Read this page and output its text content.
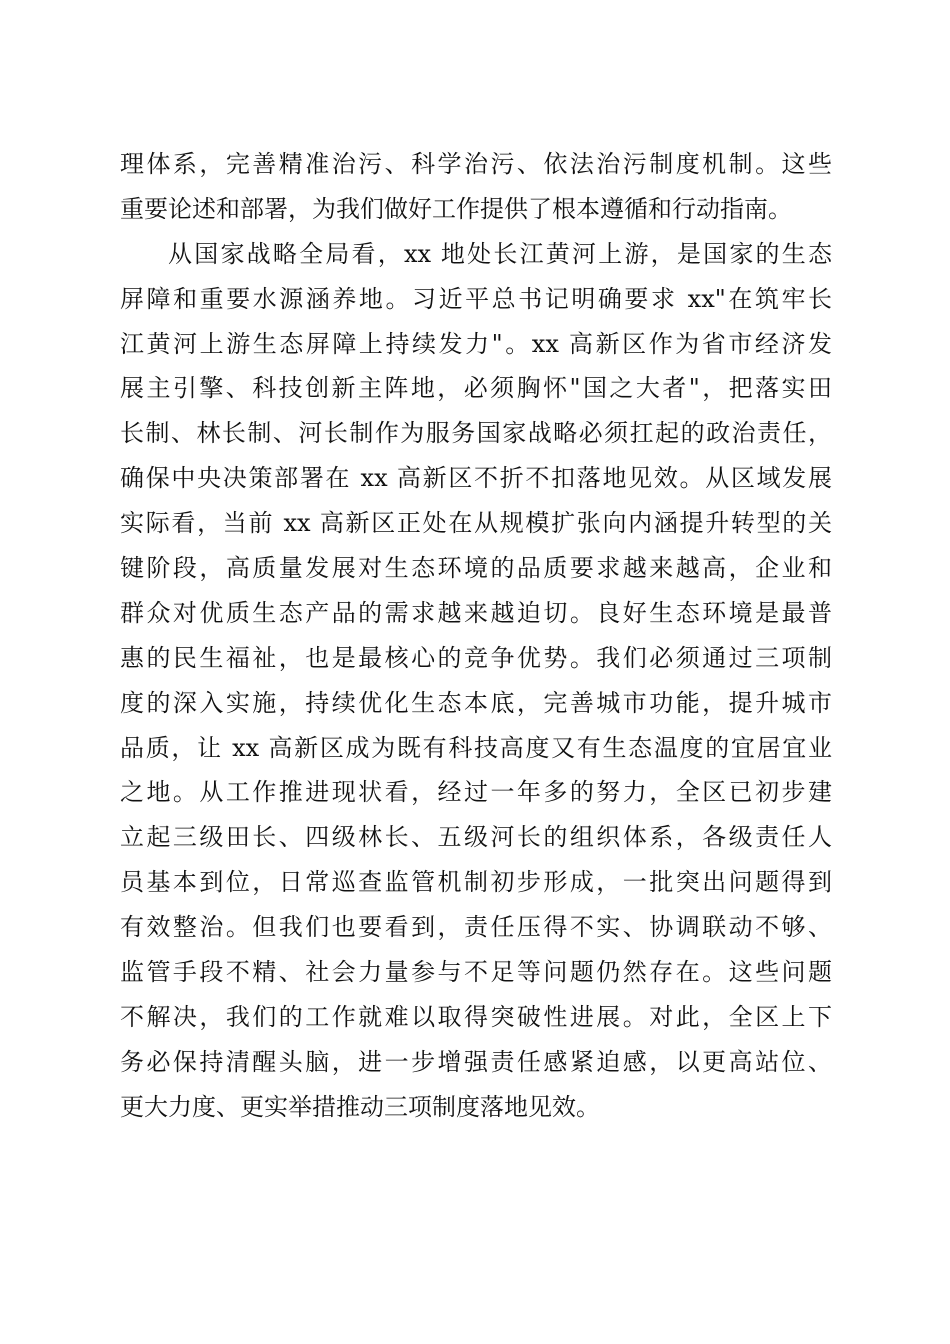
理体系，完善精准治污、科学治污、依法治污制度机制。这些
重要论述和部署，为我们做好工作提供了根本遵循和行动指南。
从国家战略全局看，xx 地处长江黄河上游，是国家的生态
屏障和重要水源涵养地。习近平总书记明确要求 xx"在筑牢长
江黄河上游生态屏障上持续发力"。xx 高新区作为省市经济发
展主引擎、科技创新主阵地，必须胸怀"国之大者"，把落实田
长制、林长制、河长制作为服务国家战略必须扛起的政治责任，
确保中央决策部署在 xx 高新区不折不扣落地见效。从区域发展
实际看，当前 xx 高新区正处在从规模扩张向内涵提升转型的关
键阶段，高质量发展对生态环境的品质要求越来越高，企业和
群众对优质生态产品的需求越来越迫切。良好生态环境是最普
惠的民生福祉，也是最核心的竞争优势。我们必须通过三项制
度的深入实施，持续优化生态本底，完善城市功能，提升城市
品质，让 xx 高新区成为既有科技高度又有生态温度的宜居宜业
之地。从工作推进现状看，经过一年多的努力，全区已初步建
立起三级田长、四级林长、五级河长的组织体系，各级责任人
员基本到位，日常巡查监管机制初步形成，一批突出问题得到
有效整治。但我们也要看到，责任压得不实、协调联动不够、
监管手段不精、社会力量参与不足等问题仍然存在。这些问题
不解决，我们的工作就难以取得突破性进展。对此，全区上下
务必保持清醒头脑，进一步增强责任感紧迫感，以更高站位、
更大力度、更实举措推动三项制度落地见效。
